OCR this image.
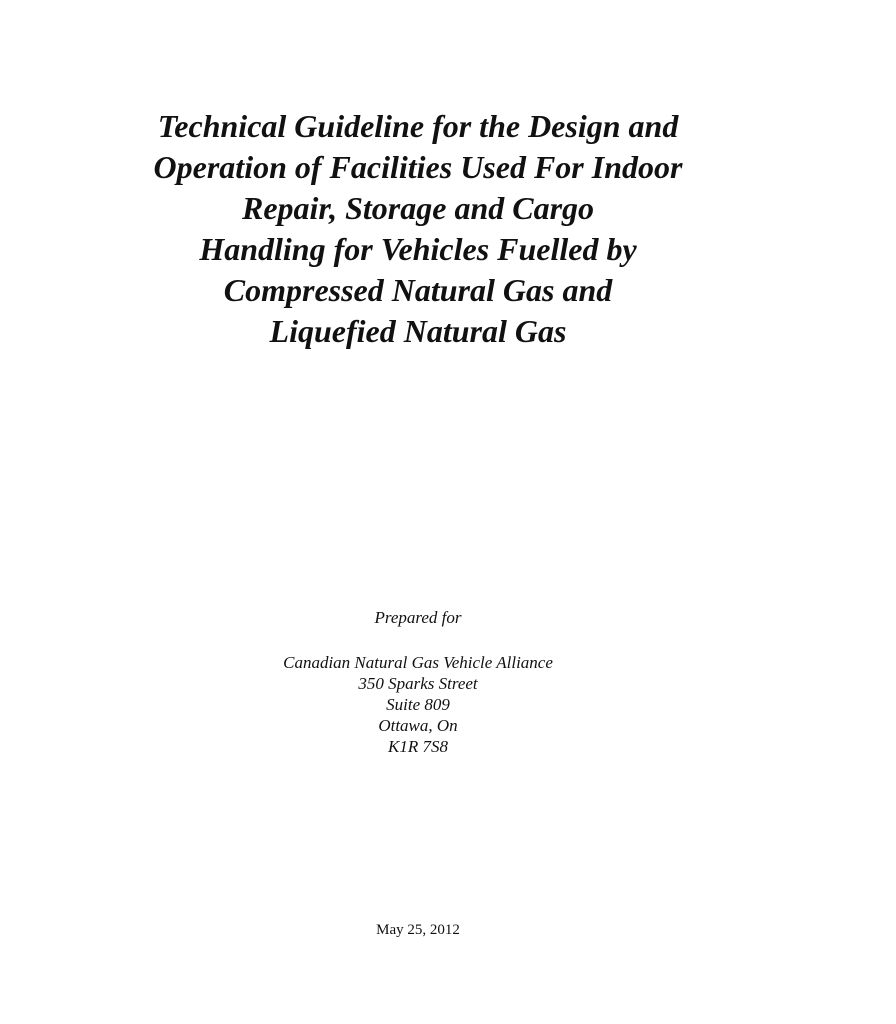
Technical Guideline for the Design and
Operation of Facilities Used For Indoor
Repair, Storage and Cargo
Handling for Vehicles Fuelled by
Compressed Natural Gas and
Liquefied Natural Gas
Prepared for
Canadian Natural Gas Vehicle Alliance
350 Sparks Street
Suite 809
Ottawa, On
K1R 7S8
May 25, 2012
